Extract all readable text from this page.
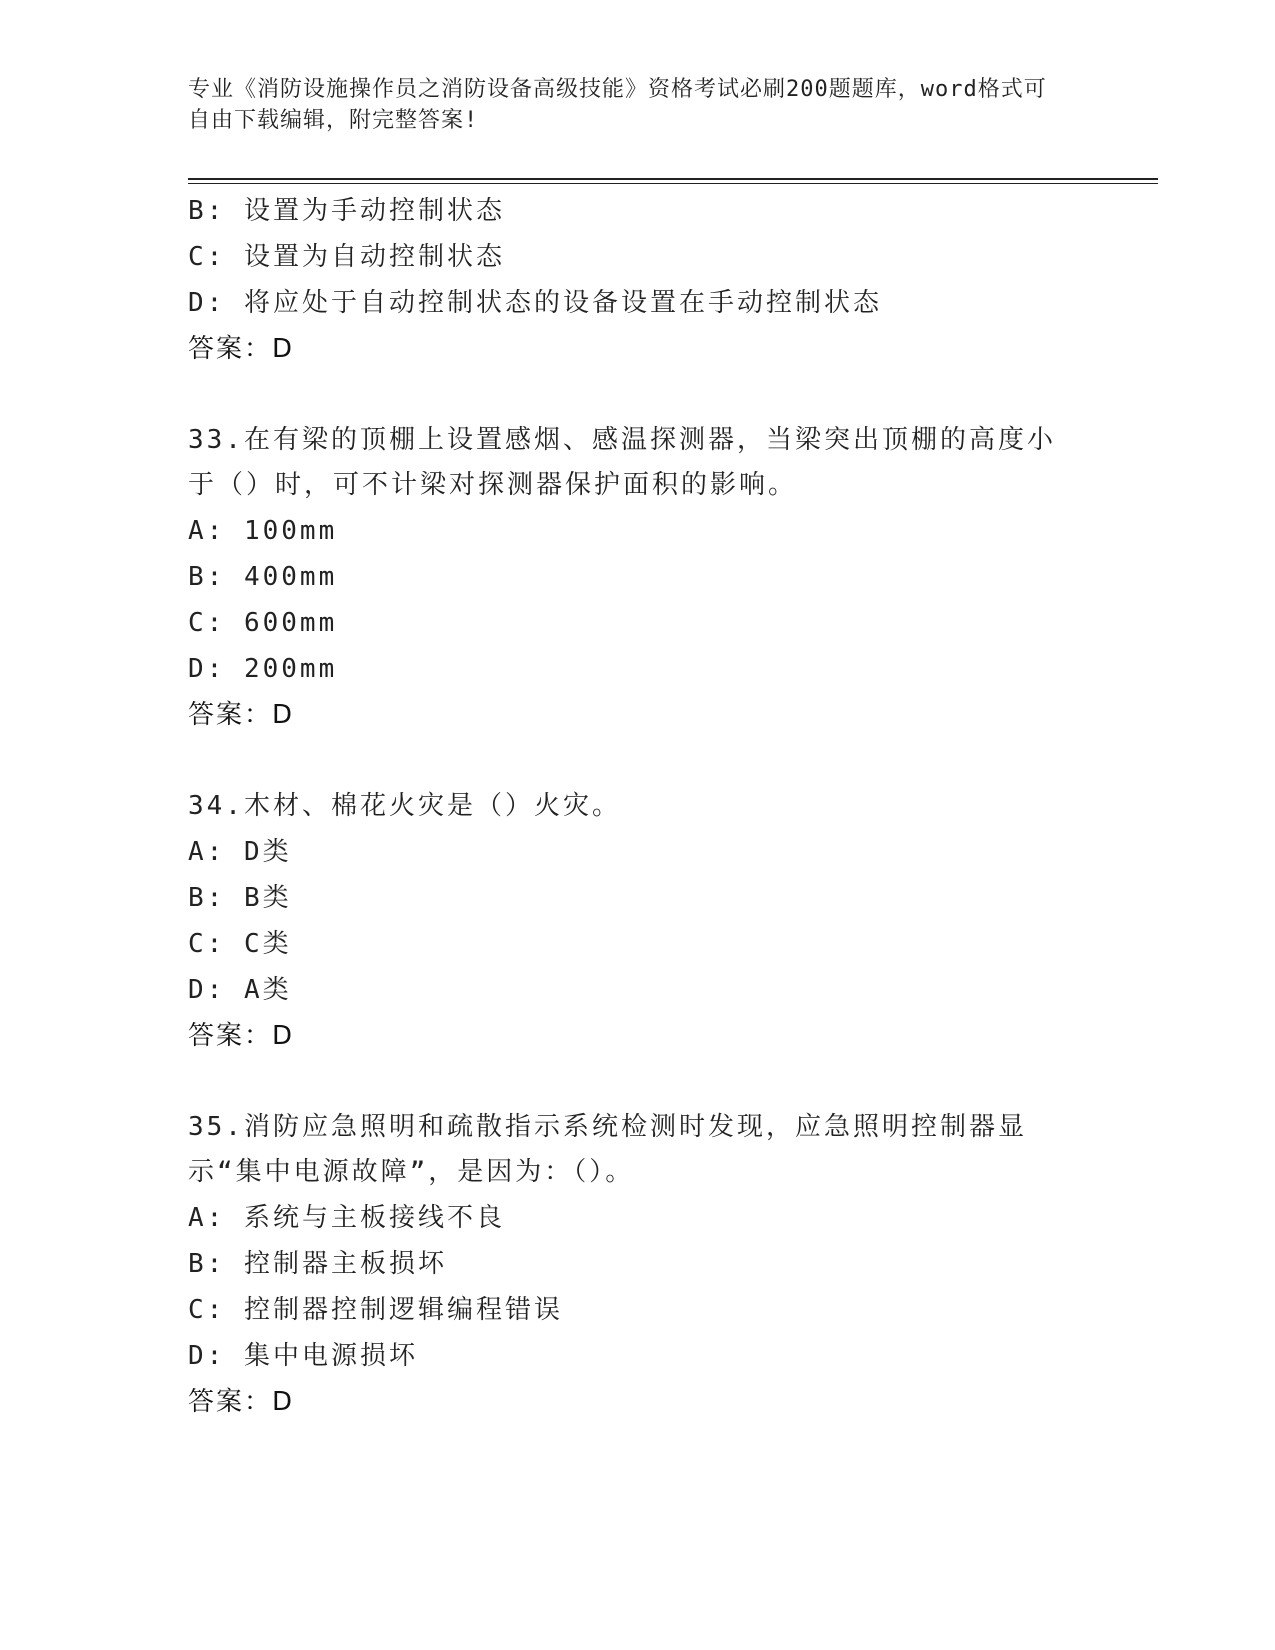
专业《消防设施操作员之消防设备高级技能》资格考试必刷200题题库，word格式可自由下载编辑，附完整答案!
B: 设置为手动控制状态
C: 设置为自动控制状态
D: 将应处于自动控制状态的设备设置在手动控制状态
答案：D
33.在有梁的顶棚上设置感烟、感温探测器，当梁突出顶棚的高度小于（）时，可不计梁对探测器保护面积的影响。
A: 100mm
B: 400mm
C: 600mm
D: 200mm
答案：D
34.木材、棉花火灾是（）火灾。
A: D类
B: B类
C: C类
D: A类
答案：D
35.消防应急照明和疏散指示系统检测时发现，应急照明控制器显示“集中电源故障”，是因为：（）。
A: 系统与主板接线不良
B: 控制器主板损坏
C: 控制器控制逻辑编程错误
D: 集中电源损坏
答案：D
